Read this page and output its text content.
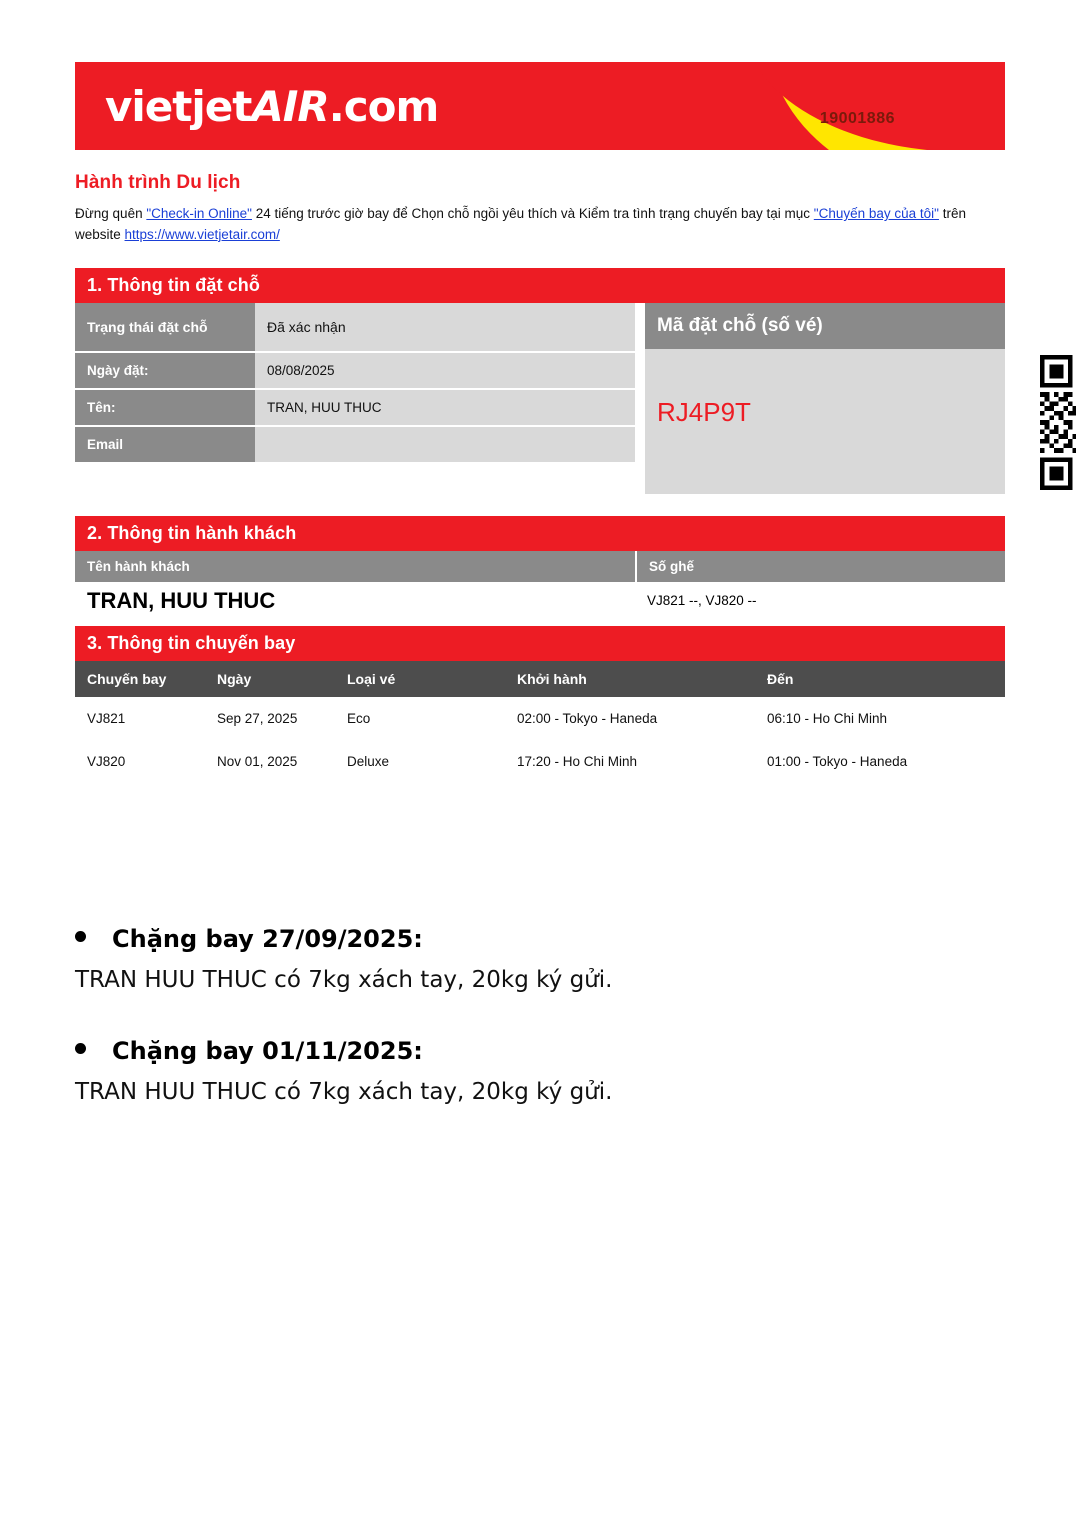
vietjetAIR.com	19001886
Hành trình Du lịch
Đừng quên "Check-in Online" 24 tiếng trước giờ bay để Chọn chỗ ngồi yêu thích và Kiểm tra tình trạng chuyến bay tại mục "Chuyến bay của tôi" trên website https://www.vietjetair.com/
1. Thông tin đặt chỗ
Trạng thái đặt chỗ	Đã xác nhận
Ngày đặt:	08/08/2025
Tên:	TRAN, HUU THUC
Email
Mã đặt chỗ (số vé)
RJ4P9T
2. Thông tin hành khách
Tên hành khách	Số ghế
TRAN, HUU THUC	VJ821 --, VJ820 --
3. Thông tin chuyến bay
Chuyến bay	Ngày	Loại vé	Khởi hành	Đến
VJ821	Sep 27, 2025	Eco	02:00 - Tokyo - Haneda	06:10 - Ho Chi Minh
VJ820	Nov 01, 2025	Deluxe	17:20 - Ho Chi Minh	01:00 - Tokyo - Haneda
Chặng bay 27/09/2025:
TRAN HUU THUC có 7kg xách tay, 20kg ký gửi.
Chặng bay 01/11/2025:
TRAN HUU THUC có 7kg xách tay, 20kg ký gửi.
